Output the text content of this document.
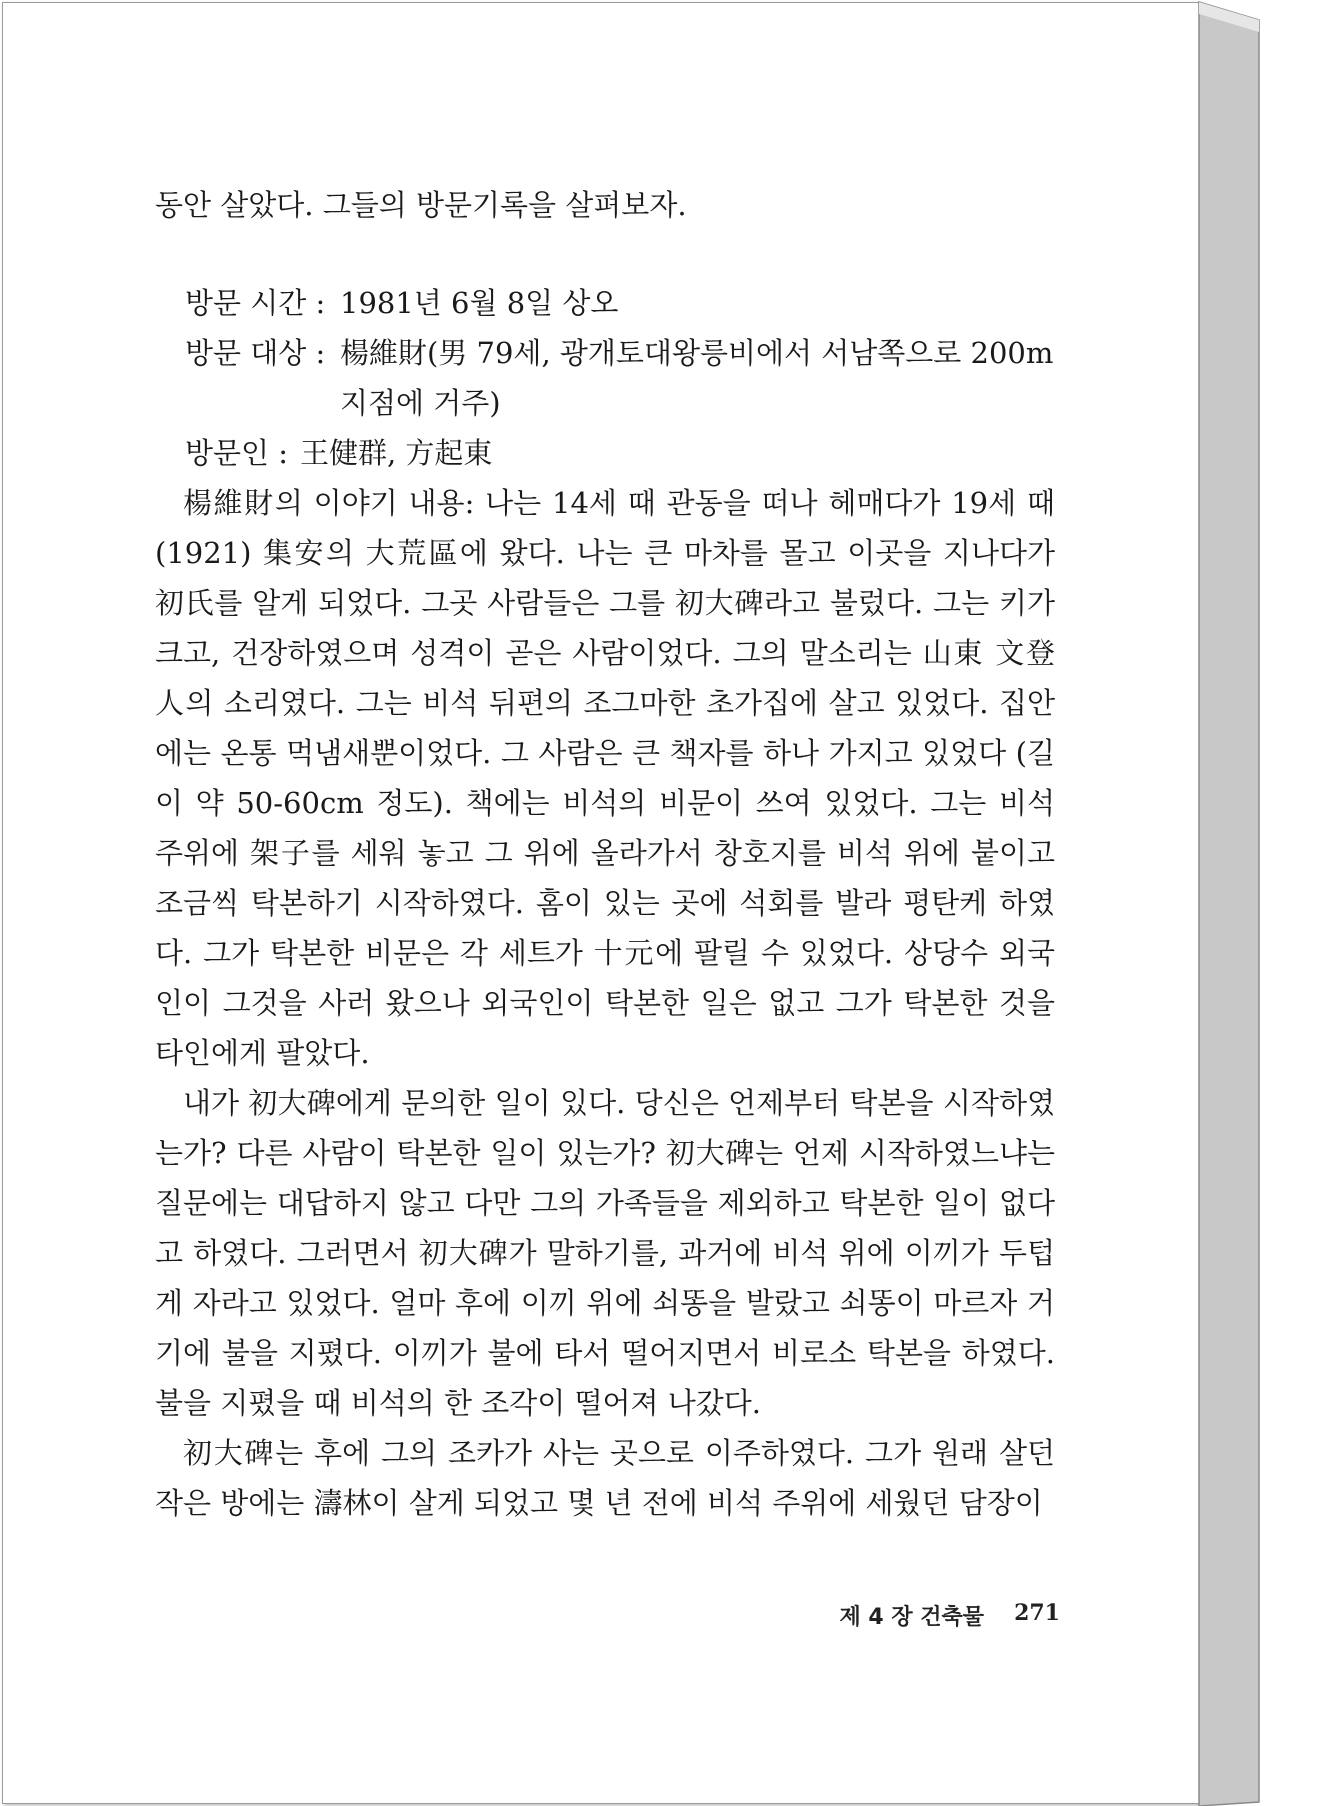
동안 살았다. 그들의 방문기록을 살펴보자.

방문 시간 : 1981년 6월 8일 상오
방문 대상 : 楊維財(男 79세, 광개토대왕릉비에서 서남쪽으로 200m 지점에 거주)
방문인 : 王健群, 方起東

楊維財의 이야기 내용: 나는 14세 때 관동을 떠나 헤매다가 19세 때 (1921) 集安의 大荒區에 왔다. 나는 큰 마차를 몰고 이곳을 지나다가 初氏를 알게 되었다. 그곳 사람들은 그를 初大碑라고 불렀다. 그는 키가 크고, 건장하였으며 성격이 곧은 사람이었다. 그의 말소리는 山東 文登人의 소리였다. 그는 비석 뒤편의 조그마한 초가집에 살고 있었다. 집안에는 온통 먹냄새뿐이었다. 그 사람은 큰 책자를 하나 가지고 있었다 (길이 약 50-60cm 정도). 책에는 비석의 비문이 쓰여 있었다. 그는 비석 주위에 架子를 세워 놓고 그 위에 올라가서 창호지를 비석 위에 붙이고 조금씩 탁본하기 시작하였다. 홈이 있는 곳에 석회를 발라 평탄케 하였다. 그가 탁본한 비문은 각 세트가 十元에 팔릴 수 있었다. 상당수 외국인이 그것을 사러 왔으나 외국인이 탁본한 일은 없고 그가 탁본한 것을 타인에게 팔았다.

내가 初大碑에게 문의한 일이 있다. 당신은 언제부터 탁본을 시작하였는가? 다른 사람이 탁본한 일이 있는가? 初大碑는 언제 시작하였느냐는 질문에는 대답하지 않고 다만 그의 가족들을 제외하고 탁본한 일이 없다고 하였다. 그러면서 初大碑가 말하기를, 과거에 비석 위에 이끼가 두텁게 자라고 있었다. 얼마 후에 이끼 위에 쇠똥을 발랐고 쇠똥이 마르자 거기에 불을 지폈다. 이끼가 불에 타서 떨어지면서 비로소 탁본을 하였다. 불을 지폈을 때 비석의 한 조각이 떨어져 나갔다.

初大碑는 후에 그의 조카가 사는 곳으로 이주하였다. 그가 원래 살던 작은 방에는 濤林이 살게 되었고 몇 년 전에 비석 주위에 세웠던 담장이

제 4 장 건축물 271
